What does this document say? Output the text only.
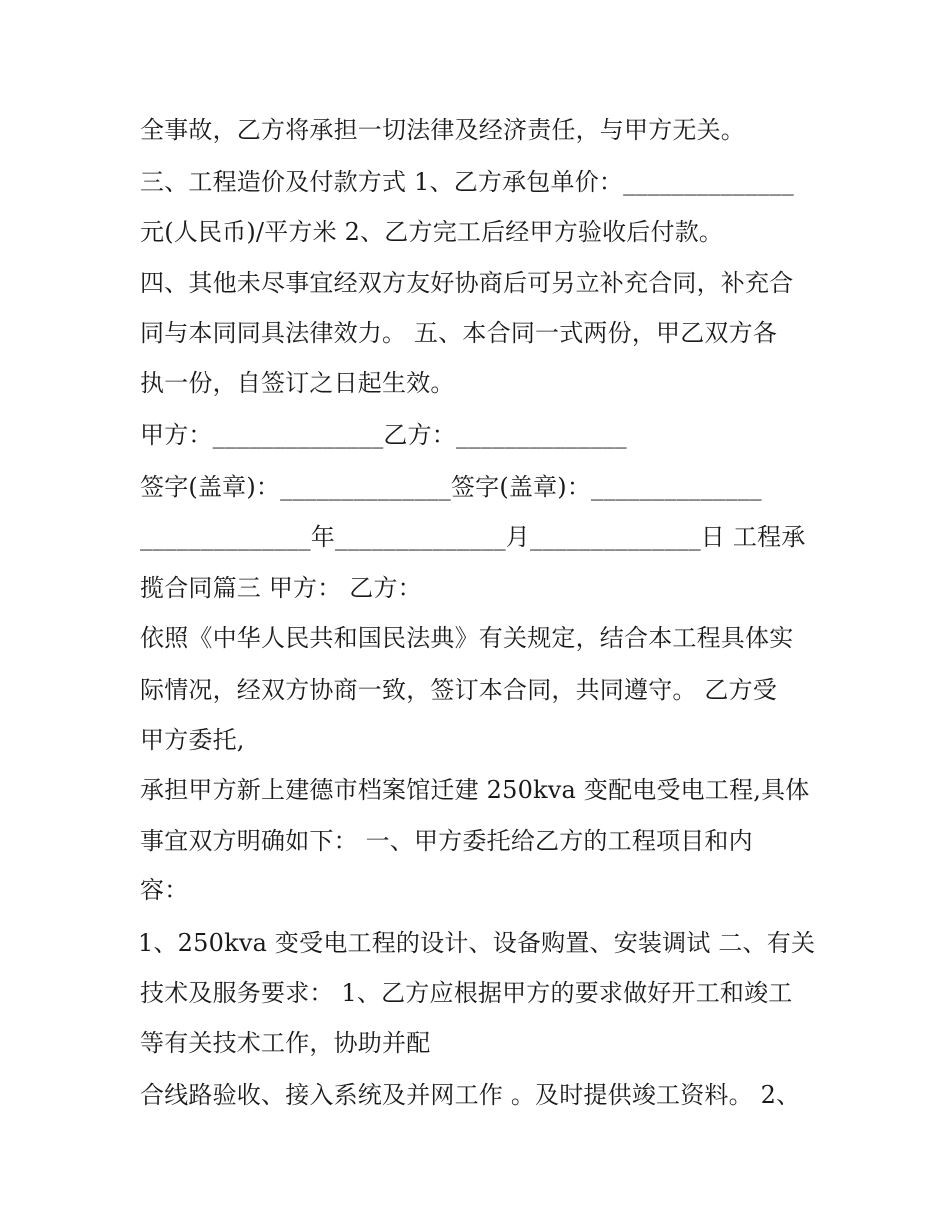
全事故，乙方将承担一切法律及经济责任，与甲方无关。
三、工程造价及付款方式 1、乙方承包单价：______________
元(人民币)/平方米 2、乙方完工后经甲方验收后付款。
四、其他未尽事宜经双方友好协商后可另立补充合同，补充合
同与本同同具法律效力。 五、本合同一式两份，甲乙双方各
执一份，自签订之日起生效。
甲方：______________乙方：______________
签字(盖章)：______________签字(盖章)：______________
______________年______________月______________日 工程承
揽合同篇三 甲方： 乙方：
依照《中华人民共和国民法典》有关规定，结合本工程具体实
际情况，经双方协商一致，签订本合同，共同遵守。 乙方受
甲方委托,
承担甲方新上建德市档案馆迁建 250kva 变配电受电工程,具体
事宜双方明确如下： 一、甲方委托给乙方的工程项目和内
容：
1、250kva 变受电工程的设计、设备购置、安装调试 二、有关
技术及服务要求： 1、乙方应根据甲方的要求做好开工和竣工
等有关技术工作，协助并配
合线路验收、接入系统及并网工作 。及时提供竣工资料。 2、
